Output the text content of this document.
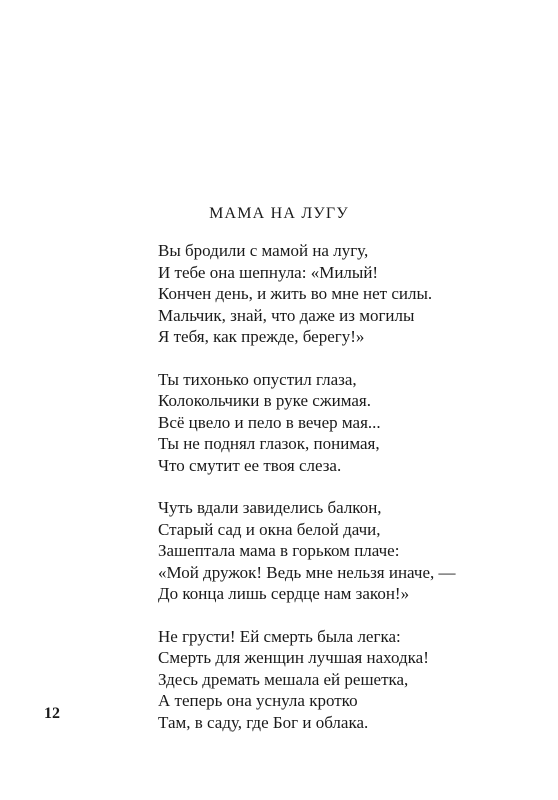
МАМА НА ЛУГУ
Вы бродили с мамой на лугу,
И тебе она шепнула: «Милый!
Кончен день, и жить во мне нет силы.
Мальчик, знай, что даже из могилы
Я тебя, как прежде, берегу!»
Ты тихонько опустил глаза,
Колокольчики в руке сжимая.
Всё цвело и пело в вечер мая...
Ты не поднял глазок, понимая,
Что смутит ее твоя слеза.
Чуть вдали завиделись балкон,
Старый сад и окна белой дачи,
Зашептала мама в горьком плаче:
«Мой дружок! Ведь мне нельзя иначе, —
До конца лишь сердце нам закон!»
Не грусти! Ей смерть была легка:
Смерть для женщин лучшая находка!
Здесь дремать мешала ей решетка,
А теперь она уснула кротко
Там, в саду, где Бог и облака.
12
